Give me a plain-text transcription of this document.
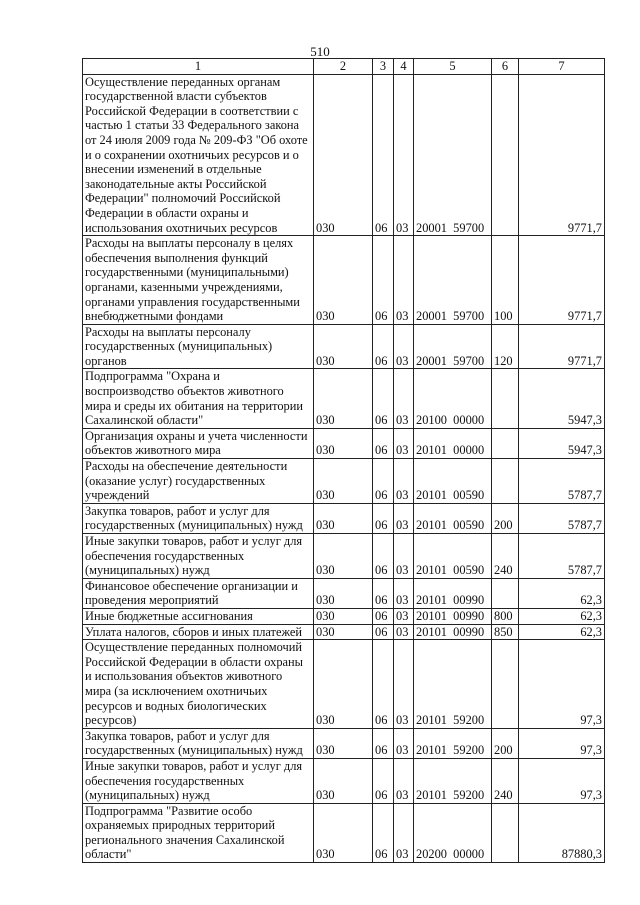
510
1	2	3	4	5	6	7
Осуществление переданных органам государственной власти субъектов Российской Федерации в соответствии с частью 1 статьи 33 Федерального закона от 24 июля 2009 года № 209-ФЗ "Об охоте и о сохранении охотничьих ресурсов и о внесении изменений в отдельные законодательные акты Российской Федерации" полномочий Российской Федерации в области охраны и использования охотничьих ресурсов	030	06	03	20001  59700		9771,7
Расходы на выплаты персоналу в целях обеспечения выполнения функций государственными (муниципальными) органами, казенными учреждениями, органами управления государственными внебюджетными фондами	030	06	03	20001  59700	100	9771,7
Расходы на выплаты персоналу государственных (муниципальных) органов	030	06	03	20001  59700	120	9771,7
Подпрограмма "Охрана и воспроизводство объектов животного мира и среды их обитания на территории Сахалинской области"	030	06	03	20100  00000		5947,3
Организация охраны и учета численности объектов животного мира	030	06	03	20101  00000		5947,3
Расходы на обеспечение деятельности (оказание услуг) государственных учреждений	030	06	03	20101  00590		5787,7
Закупка товаров, работ и услуг для государственных (муниципальных) нужд	030	06	03	20101  00590	200	5787,7
Иные закупки товаров, работ и услуг для обеспечения государственных (муниципальных) нужд	030	06	03	20101  00590	240	5787,7
Финансовое обеспечение организации и проведения мероприятий	030	06	03	20101  00990		62,3
Иные бюджетные ассигнования	030	06	03	20101  00990	800	62,3
Уплата налогов, сборов и иных платежей	030	06	03	20101  00990	850	62,3
Осуществление переданных полномочий Российской Федерации в области охраны и использования объектов животного мира (за исключением охотничьих ресурсов и водных биологических ресурсов)	030	06	03	20101  59200		97,3
Закупка товаров, работ и услуг для государственных (муниципальных) нужд	030	06	03	20101  59200	200	97,3
Иные закупки товаров, работ и услуг для обеспечения государственных (муниципальных) нужд	030	06	03	20101  59200	240	97,3
Подпрограмма "Развитие особо охраняемых природных территорий регионального значения Сахалинской области"	030	06	03	20200  00000		87880,3
